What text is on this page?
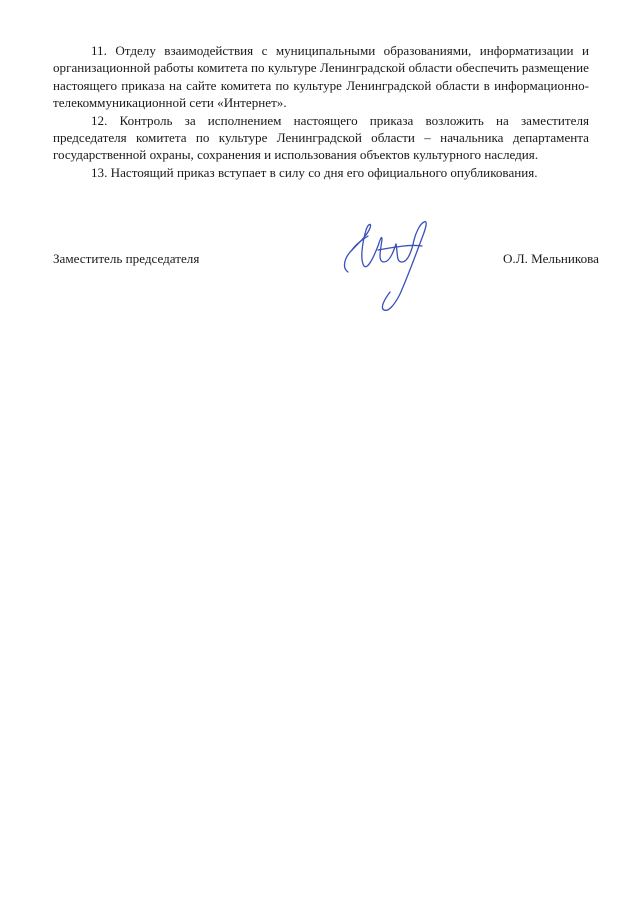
11. Отделу взаимодействия с муниципальными образованиями, информатизации и организационной работы комитета по культуре Ленинградской области обеспечить размещение настоящего приказа на сайте комитета по культуре Ленинградской области в информационно-телекоммуникационной сети «Интернет».

12. Контроль за исполнением настоящего приказа возложить на заместителя председателя комитета по культуре Ленинградской области – начальника департамента государственной охраны, сохранения и использования объектов культурного наследия.

13. Настоящий приказ вступает в силу со дня его официального опубликования.

Заместитель председателя	О.Л. Мельникова
